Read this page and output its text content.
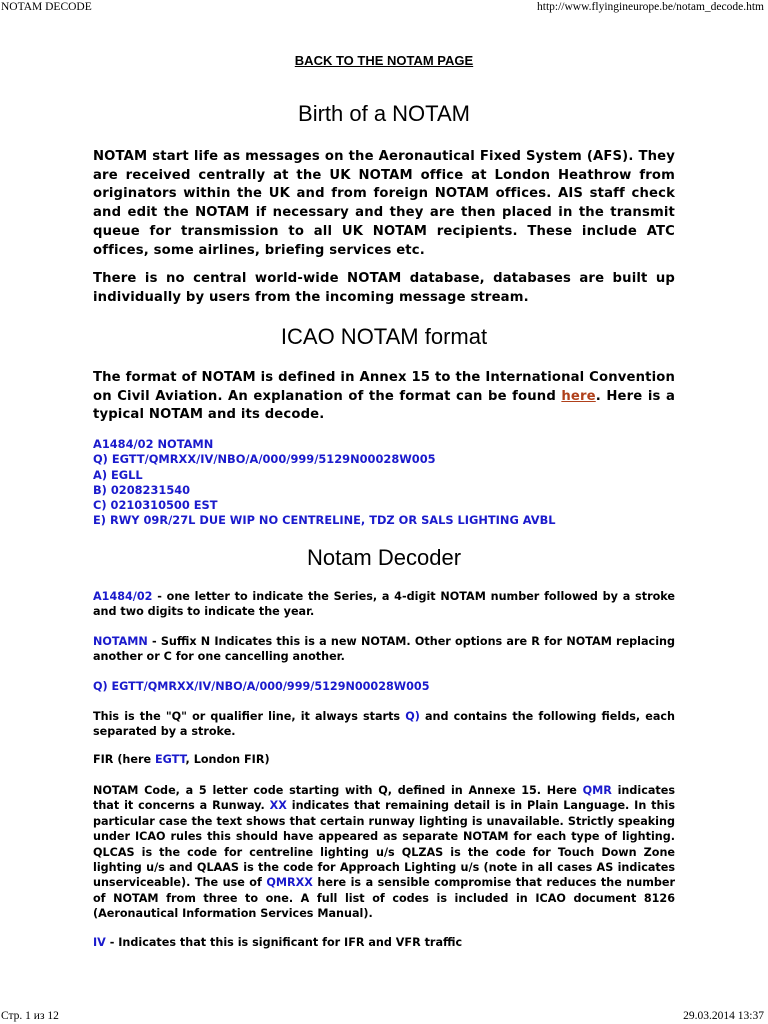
NOTAM DECODE	http://www.flyingineurope.be/notam_decode.htm
BACK TO THE NOTAM PAGE
Birth of a NOTAM

NOTAM start life as messages on the Aeronautical Fixed System (AFS). They are received centrally at the UK NOTAM office at London Heathrow from originators within the UK and from foreign NOTAM offices. AIS staff check and edit the NOTAM if necessary and they are then placed in the transmit queue for transmission to all UK NOTAM recipients. These include ATC offices, some airlines, briefing services etc.

There is no central world-wide NOTAM database, databases are built up individually by users from the incoming message stream.

ICAO NOTAM format

The format of NOTAM is defined in Annex 15 to the International Convention on Civil Aviation. An explanation of the format can be found here. Here is a typical NOTAM and its decode.

A1484/02 NOTAMN
Q) EGTT/QMRXX/IV/NBO/A/000/999/5129N00028W005
A) EGLL
B) 0208231540
C) 0210310500 EST
E) RWY 09R/27L DUE WIP NO CENTRELINE, TDZ OR SALS LIGHTING AVBL
Notam Decoder

A1484/02 - one letter to indicate the Series, a 4-digit NOTAM number followed by a stroke and two digits to indicate the year.

NOTAMN - Suffix N Indicates this is a new NOTAM. Other options are R for NOTAM replacing another or C for one cancelling another.

Q) EGTT/QMRXX/IV/NBO/A/000/999/5129N00028W005

This is the "Q" or qualifier line, it always starts Q) and contains the following fields, each separated by a stroke.

FIR (here EGTT, London FIR)

NOTAM Code, a 5 letter code starting with Q, defined in Annexe 15. Here QMR indicates that it concerns a Runway. XX indicates that remaining detail is in Plain Language. In this particular case the text shows that certain runway lighting is unavailable. Strictly speaking under ICAO rules this should have appeared as separate NOTAM for each type of lighting. QLCAS is the code for centreline lighting u/s QLZAS is the code for Touch Down Zone lighting u/s and QLAAS is the code for Approach Lighting u/s (note in all cases AS indicates unserviceable). The use of QMRXX here is a sensible compromise that reduces the number of NOTAM from three to one. A full list of codes is included in ICAO document 8126 (Aeronautical Information Services Manual).

IV - Indicates that this is significant for IFR and VFR traffic

Стр. 1 из 12	29.03.2014 13:37
